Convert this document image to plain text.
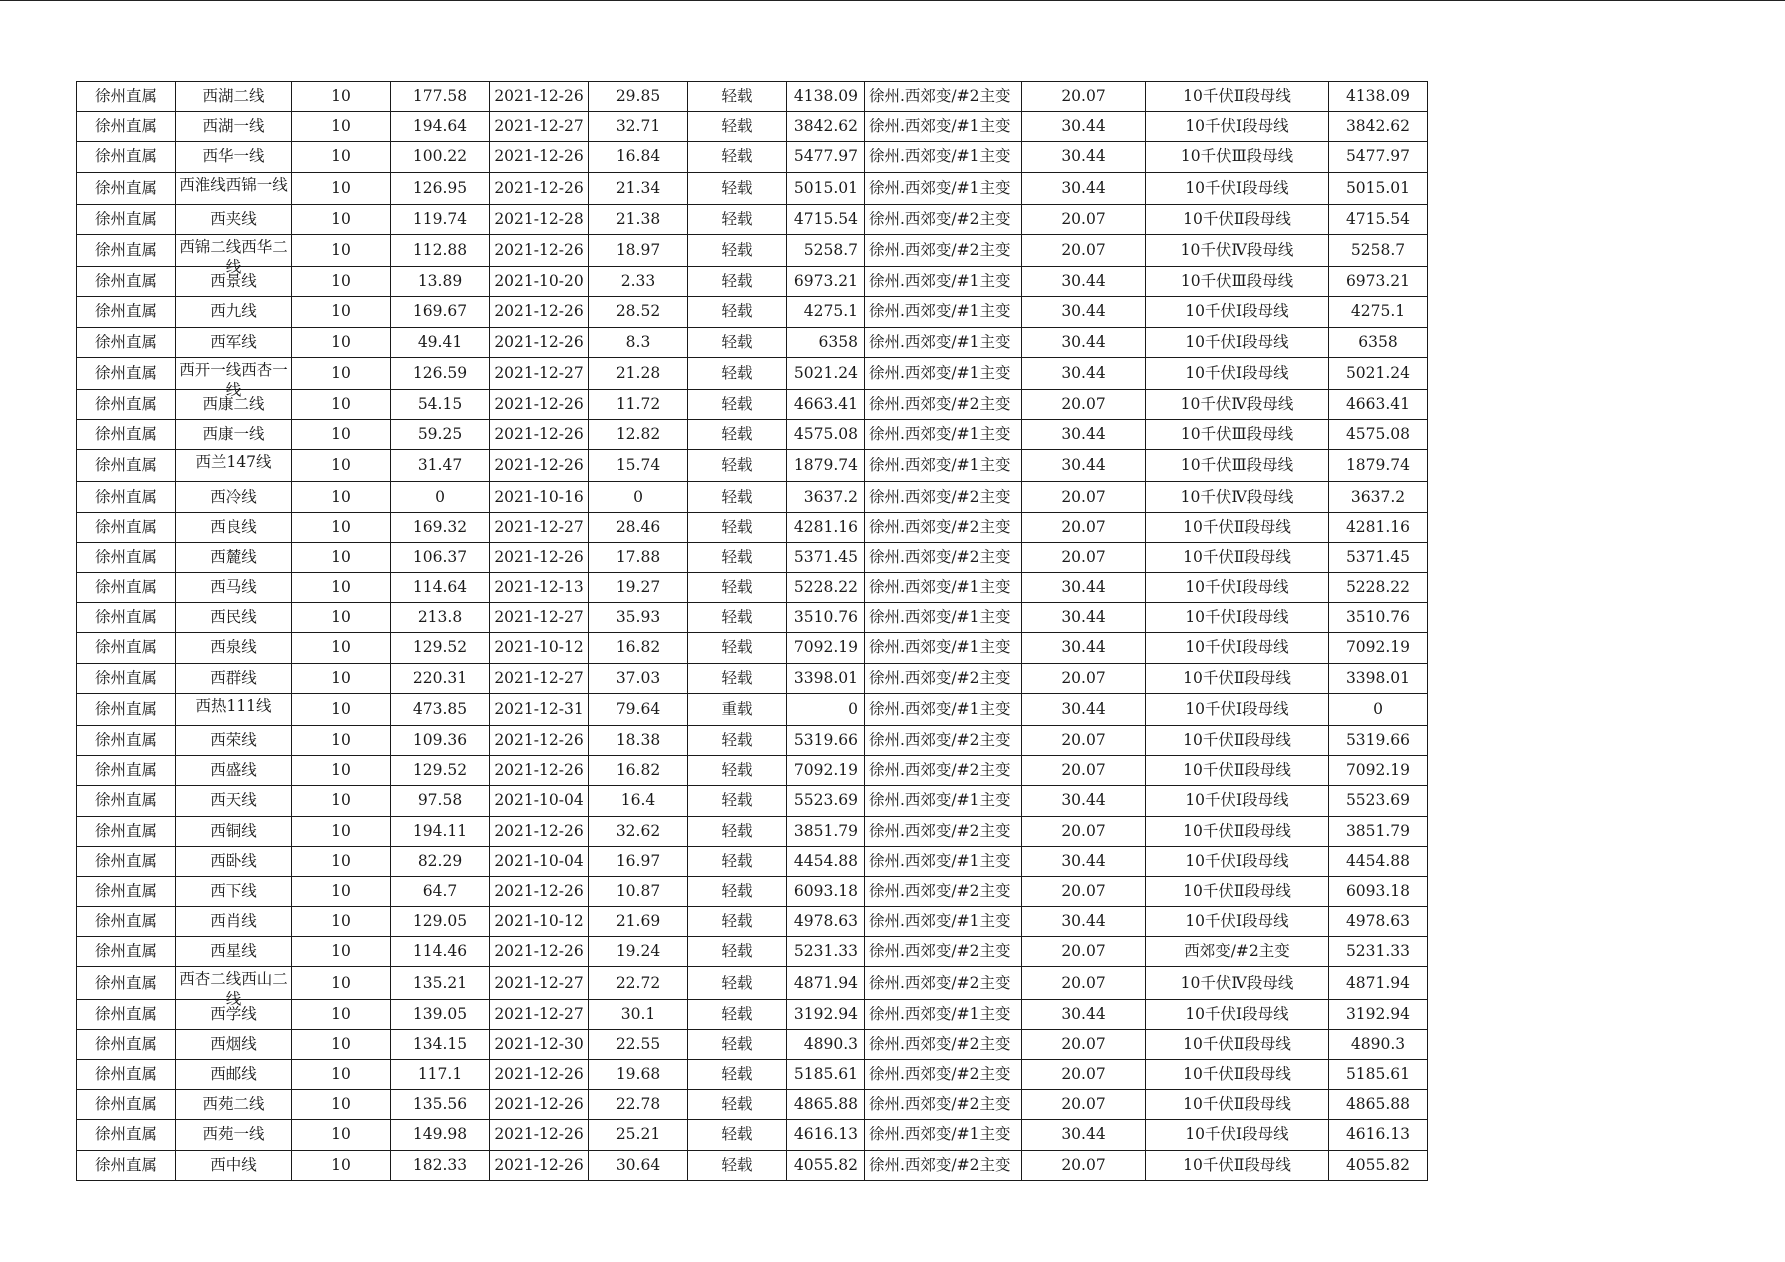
徐州直属	西湖二线	10	177.58	2021-12-26	29.85	轻载	4138.09	徐州.西郊变/#2主变	20.07	10千伏Ⅱ段母线	4138.09
徐州直属	西湖一线	10	194.64	2021-12-27	32.71	轻载	3842.62	徐州.西郊变/#1主变	30.44	10千伏Ⅰ段母线	3842.62
徐州直属	西华一线	10	100.22	2021-12-26	16.84	轻载	5477.97	徐州.西郊变/#1主变	30.44	10千伏Ⅲ段母线	5477.97
徐州直属	西淮线西锦一线	10	126.95	2021-12-26	21.34	轻载	5015.01	徐州.西郊变/#1主变	30.44	10千伏Ⅰ段母线	5015.01
徐州直属	西夹线	10	119.74	2021-12-28	21.38	轻载	4715.54	徐州.西郊变/#2主变	20.07	10千伏Ⅱ段母线	4715.54
徐州直属	西锦二线西华二线	10	112.88	2021-12-26	18.97	轻载	5258.7	徐州.西郊变/#2主变	20.07	10千伏Ⅳ段母线	5258.7
徐州直属	西景线	10	13.89	2021-10-20	2.33	轻载	6973.21	徐州.西郊变/#1主变	30.44	10千伏Ⅲ段母线	6973.21
徐州直属	西九线	10	169.67	2021-12-26	28.52	轻载	4275.1	徐州.西郊变/#1主变	30.44	10千伏Ⅰ段母线	4275.1
徐州直属	西军线	10	49.41	2021-12-26	8.3	轻载	6358	徐州.西郊变/#1主变	30.44	10千伏Ⅰ段母线	6358
徐州直属	西开一线西杏一线	10	126.59	2021-12-27	21.28	轻载	5021.24	徐州.西郊变/#1主变	30.44	10千伏Ⅰ段母线	5021.24
徐州直属	西康二线	10	54.15	2021-12-26	11.72	轻载	4663.41	徐州.西郊变/#2主变	20.07	10千伏Ⅳ段母线	4663.41
徐州直属	西康一线	10	59.25	2021-12-26	12.82	轻载	4575.08	徐州.西郊变/#1主变	30.44	10千伏Ⅲ段母线	4575.08
徐州直属	西兰147线	10	31.47	2021-12-26	15.74	轻载	1879.74	徐州.西郊变/#1主变	30.44	10千伏Ⅲ段母线	1879.74
徐州直属	西冷线	10	0	2021-10-16	0	轻载	3637.2	徐州.西郊变/#2主变	20.07	10千伏Ⅳ段母线	3637.2
徐州直属	西良线	10	169.32	2021-12-27	28.46	轻载	4281.16	徐州.西郊变/#2主变	20.07	10千伏Ⅱ段母线	4281.16
徐州直属	西麓线	10	106.37	2021-12-26	17.88	轻载	5371.45	徐州.西郊变/#2主变	20.07	10千伏Ⅱ段母线	5371.45
徐州直属	西马线	10	114.64	2021-12-13	19.27	轻载	5228.22	徐州.西郊变/#1主变	30.44	10千伏Ⅰ段母线	5228.22
徐州直属	西民线	10	213.8	2021-12-27	35.93	轻载	3510.76	徐州.西郊变/#1主变	30.44	10千伏Ⅰ段母线	3510.76
徐州直属	西泉线	10	129.52	2021-10-12	16.82	轻载	7092.19	徐州.西郊变/#1主变	30.44	10千伏Ⅰ段母线	7092.19
徐州直属	西群线	10	220.31	2021-12-27	37.03	轻载	3398.01	徐州.西郊变/#2主变	20.07	10千伏Ⅱ段母线	3398.01
徐州直属	西热111线	10	473.85	2021-12-31	79.64	重载	0	徐州.西郊变/#1主变	30.44	10千伏Ⅰ段母线	0
徐州直属	西荣线	10	109.36	2021-12-26	18.38	轻载	5319.66	徐州.西郊变/#2主变	20.07	10千伏Ⅱ段母线	5319.66
徐州直属	西盛线	10	129.52	2021-12-26	16.82	轻载	7092.19	徐州.西郊变/#2主变	20.07	10千伏Ⅱ段母线	7092.19
徐州直属	西天线	10	97.58	2021-10-04	16.4	轻载	5523.69	徐州.西郊变/#1主变	30.44	10千伏Ⅰ段母线	5523.69
徐州直属	西铜线	10	194.11	2021-12-26	32.62	轻载	3851.79	徐州.西郊变/#2主变	20.07	10千伏Ⅱ段母线	3851.79
徐州直属	西卧线	10	82.29	2021-10-04	16.97	轻载	4454.88	徐州.西郊变/#1主变	30.44	10千伏Ⅰ段母线	4454.88
徐州直属	西下线	10	64.7	2021-12-26	10.87	轻载	6093.18	徐州.西郊变/#2主变	20.07	10千伏Ⅱ段母线	6093.18
徐州直属	西肖线	10	129.05	2021-10-12	21.69	轻载	4978.63	徐州.西郊变/#1主变	30.44	10千伏Ⅰ段母线	4978.63
徐州直属	西星线	10	114.46	2021-12-26	19.24	轻载	5231.33	徐州.西郊变/#2主变	20.07	西郊变/#2主变	5231.33
徐州直属	西杏二线西山二线	10	135.21	2021-12-27	22.72	轻载	4871.94	徐州.西郊变/#2主变	20.07	10千伏Ⅳ段母线	4871.94
徐州直属	西学线	10	139.05	2021-12-27	30.1	轻载	3192.94	徐州.西郊变/#1主变	30.44	10千伏Ⅰ段母线	3192.94
徐州直属	西烟线	10	134.15	2021-12-30	22.55	轻载	4890.3	徐州.西郊变/#2主变	20.07	10千伏Ⅱ段母线	4890.3
徐州直属	西邮线	10	117.1	2021-12-26	19.68	轻载	5185.61	徐州.西郊变/#2主变	20.07	10千伏Ⅱ段母线	5185.61
徐州直属	西苑二线	10	135.56	2021-12-26	22.78	轻载	4865.88	徐州.西郊变/#2主变	20.07	10千伏Ⅱ段母线	4865.88
徐州直属	西苑一线	10	149.98	2021-12-26	25.21	轻载	4616.13	徐州.西郊变/#1主变	30.44	10千伏Ⅰ段母线	4616.13
徐州直属	西中线	10	182.33	2021-12-26	30.64	轻载	4055.82	徐州.西郊变/#2主变	20.07	10千伏Ⅱ段母线	4055.82
